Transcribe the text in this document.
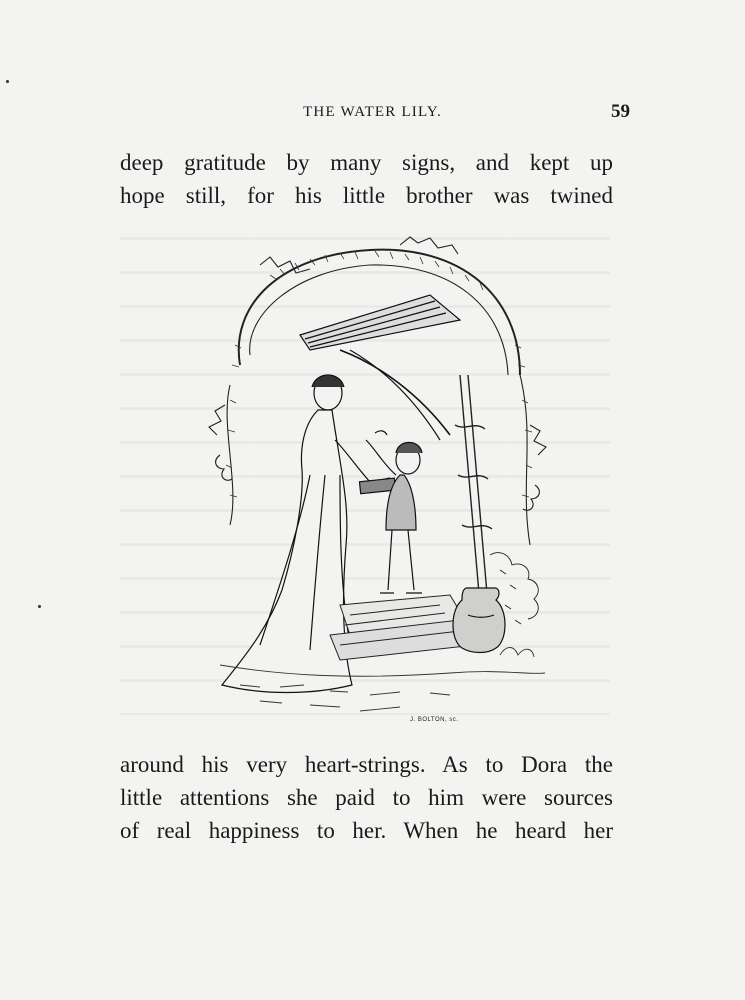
THE WATER LILY.	59
deep gratitude by many signs, and kept up
hope still, for his little brother was twined
J. BOLTON, sc.
around his very heart-strings. As to Dora the
little attentions she paid to him were sources
of real happiness to her. When he heard her
